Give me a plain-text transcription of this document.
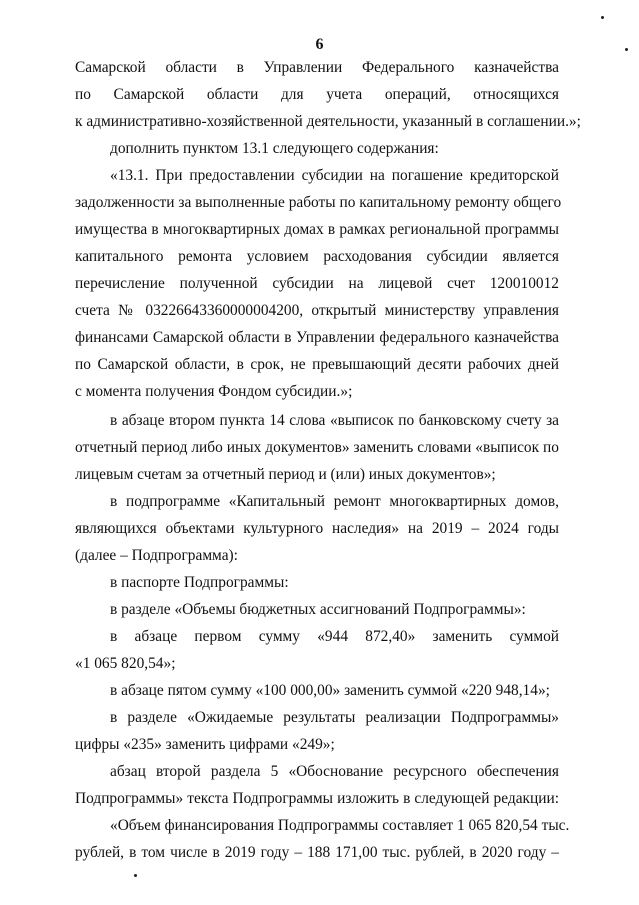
6
Самарской области в Управлении Федерального казначейства
по Самарской области для учета операций, относящихся
к административно-хозяйственной деятельности, указанный в соглашении.»;
дополнить пунктом 13.1 следующего содержания:
«13.1. При предоставлении субсидии на погашение кредиторской
задолженности за выполненные работы по капитальному ремонту общего
имущества в многоквартирных домах в рамках региональной программы
капитального ремонта условием расходования субсидии является
перечисление полученной субсидии на лицевой счет 120010012
счета № 03226643360000004200, открытый министерству управления
финансами Самарской области в Управлении федерального казначейства
по Самарской области, в срок, не превышающий десяти рабочих дней
с момента получения Фондом субсидии.»;
в абзаце втором пункта 14 слова «выписок по банковскому счету за
отчетный период либо иных документов» заменить словами «выписок по
лицевым счетам за отчетный период и (или) иных документов»;
в подпрограмме «Капитальный ремонт многоквартирных домов,
являющихся объектами культурного наследия» на 2019 – 2024 годы
(далее – Подпрограмма):
в паспорте Подпрограммы:
в разделе «Объемы бюджетных ассигнований Подпрограммы»:
в абзаце первом сумму «944 872,40» заменить суммой
«1 065 820,54»;
в абзаце пятом сумму «100 000,00» заменить суммой «220 948,14»;
в разделе «Ожидаемые результаты реализации Подпрограммы»
цифры «235» заменить цифрами «249»;
абзац второй раздела 5 «Обоснование ресурсного обеспечения
Подпрограммы» текста Подпрограммы изложить в следующей редакции:
«Объем финансирования Подпрограммы составляет 1 065 820,54 тыс.
рублей, в том числе в 2019 году – 188 171,00 тыс. рублей, в 2020 году –
